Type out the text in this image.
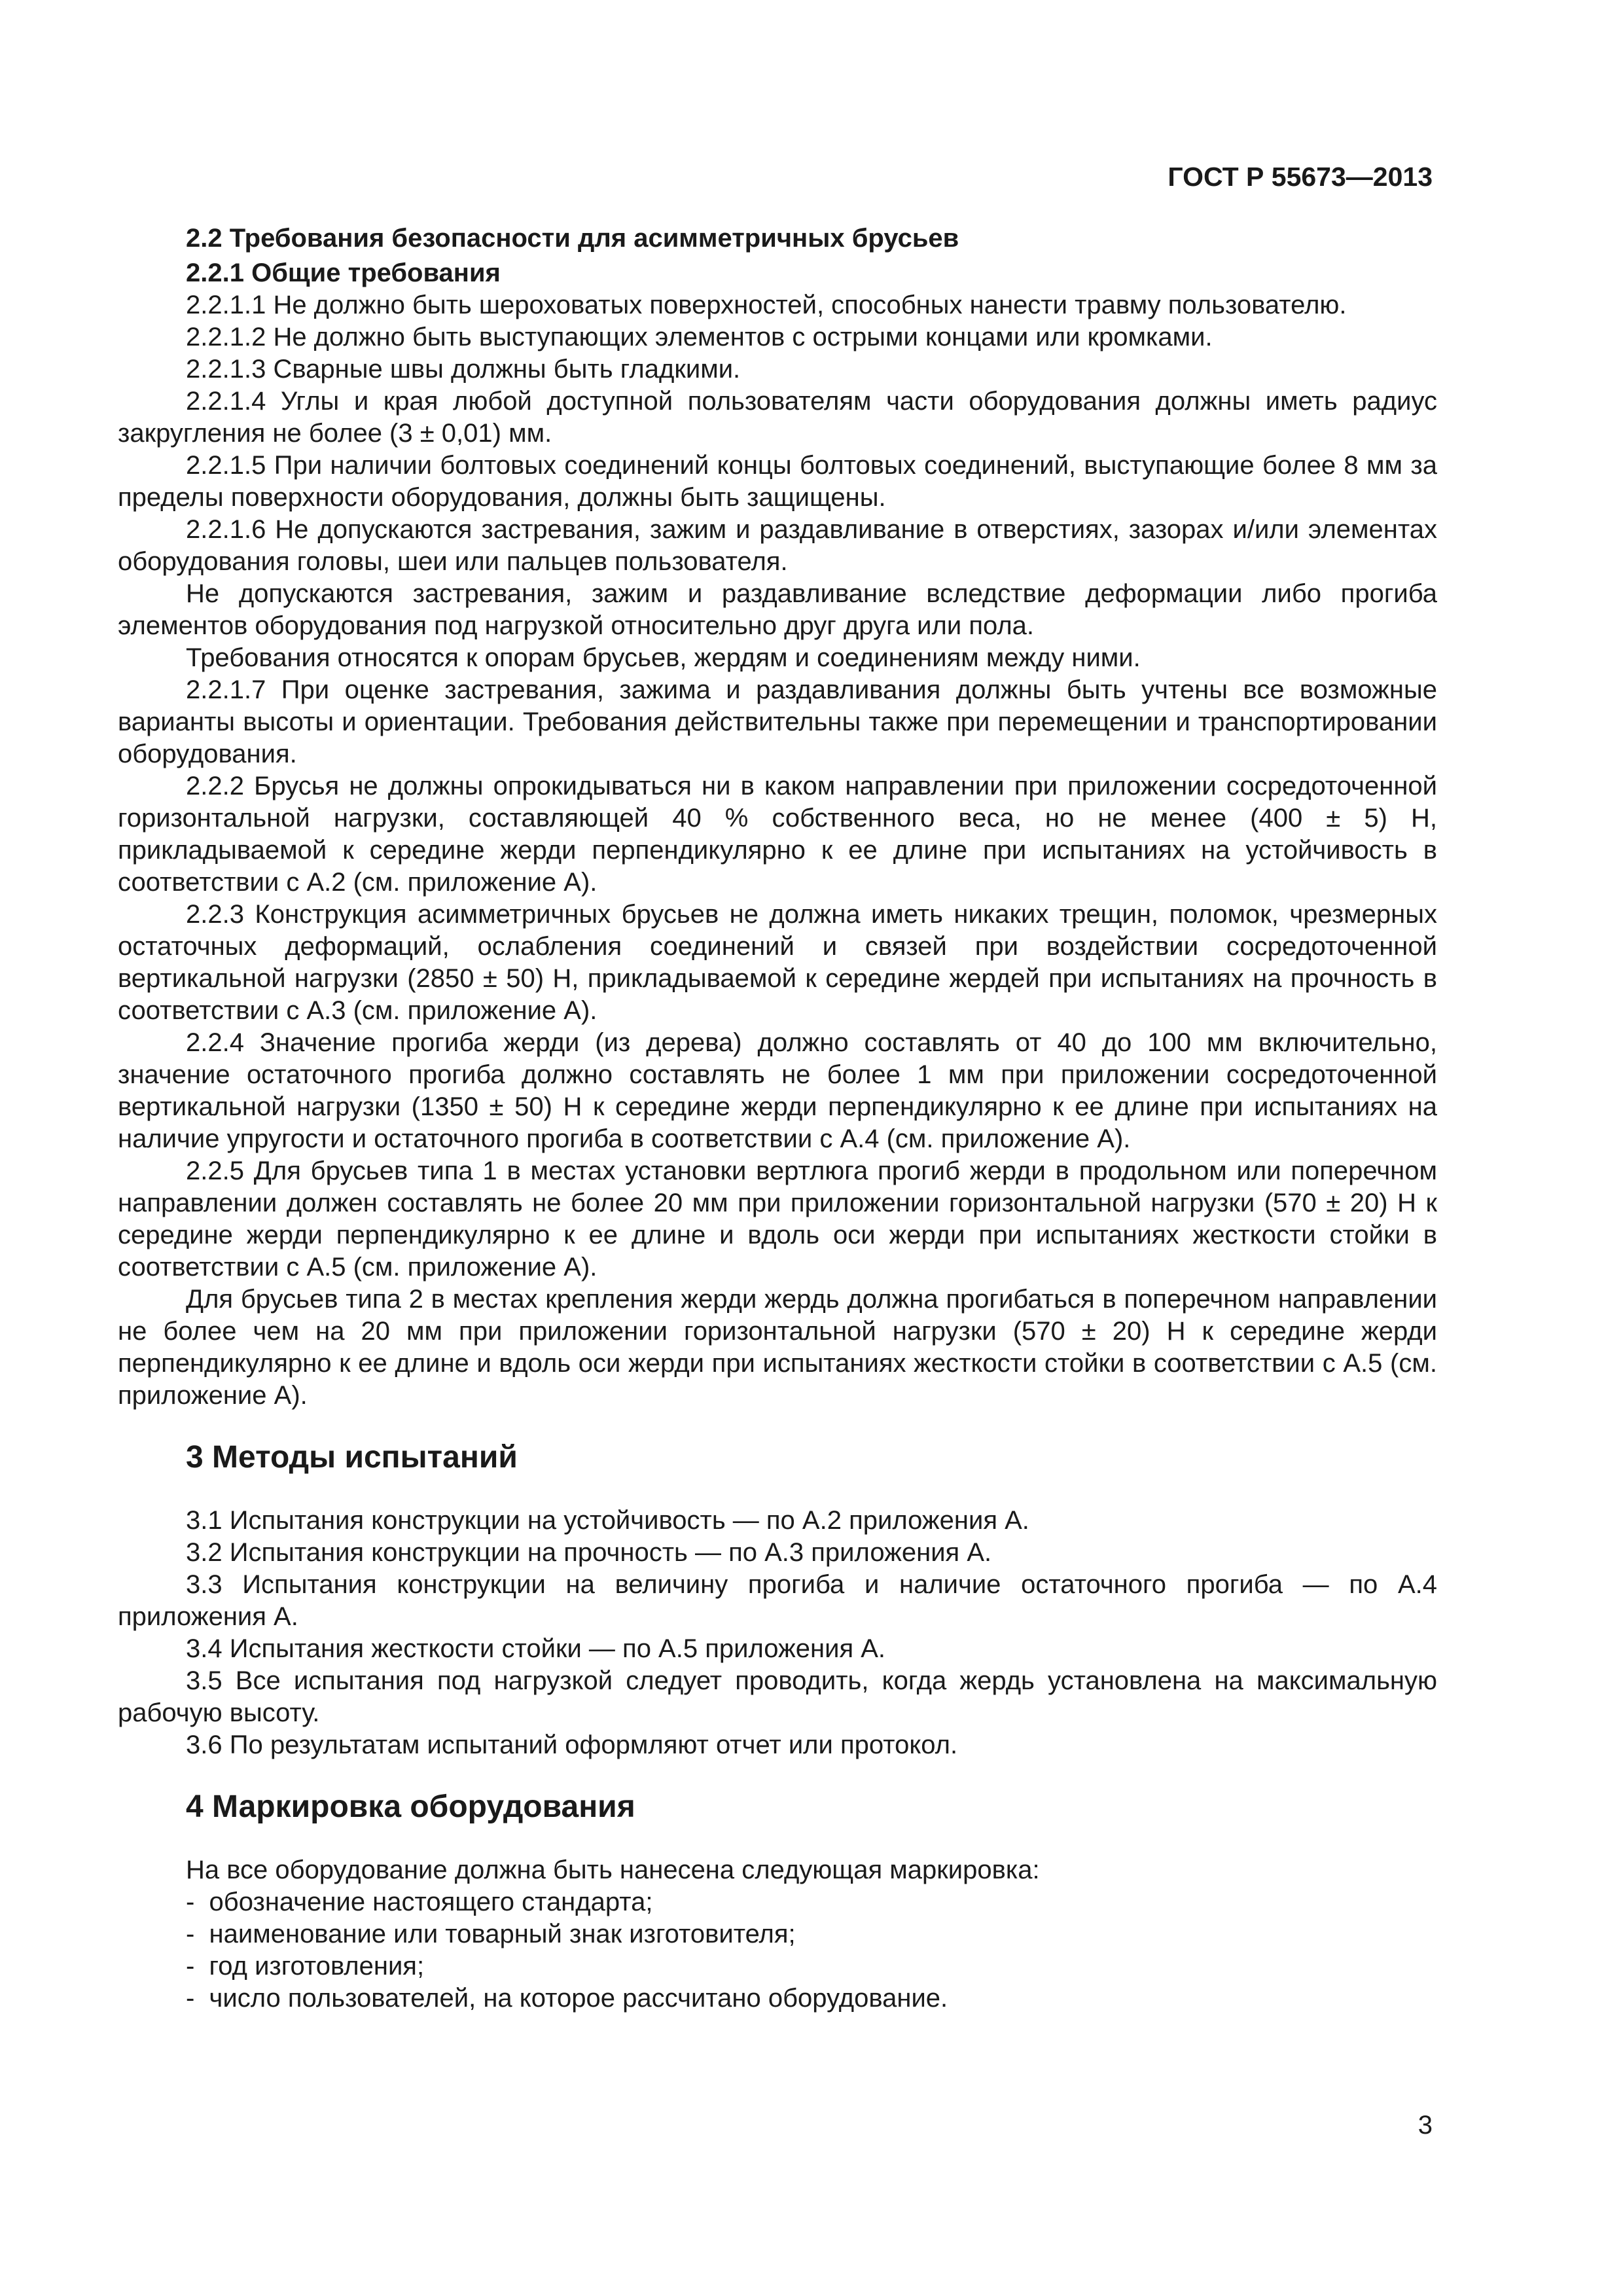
ГОСТ Р 55673—2013
2.2 Требования безопасности для асимметричных брусьев
2.2.1 Общие требования

2.2.1.1 Не должно быть шероховатых поверхностей, способных нанести травму пользователю.

2.2.1.2 Не должно быть выступающих элементов с острыми концами или кромками.

2.2.1.3 Сварные швы должны быть гладкими.

2.2.1.4 Углы и края любой доступной пользователям части оборудования должны иметь радиус закругления не более (3 ± 0,01) мм.

2.2.1.5 При наличии болтовых соединений концы болтовых соединений, выступающие более 8 мм за пределы поверхности оборудования, должны быть защищены.

2.2.1.6 Не допускаются застревания, зажим и раздавливание в отверстиях, зазорах и/или элементах оборудования головы, шеи или пальцев пользователя.

Не допускаются застревания, зажим и раздавливание вследствие деформации либо прогиба элементов оборудования под нагрузкой относительно друг друга или пола.

Требования относятся к опорам брусьев, жердям и соединениям между ними.

2.2.1.7 При оценке застревания, зажима и раздавливания должны быть учтены все возможные варианты высоты и ориентации. Требования действительны также при перемещении и транспортировании оборудования.

2.2.2 Брусья не должны опрокидываться ни в каком направлении при приложении сосредоточенной горизонтальной нагрузки, составляющей 40 % собственного веса, но не менее (400 ± 5) Н, прикладываемой к середине жерди перпендикулярно к ее длине при испытаниях на устойчивость в соответствии с А.2 (см. приложение А).

2.2.3 Конструкция асимметричных брусьев не должна иметь никаких трещин, поломок, чрезмерных остаточных деформаций, ослабления соединений и связей при воздействии сосредоточенной вертикальной нагрузки (2850 ± 50) Н, прикладываемой к середине жердей при испытаниях на прочность в соответствии с А.3 (см. приложение А).

2.2.4 Значение прогиба жерди (из дерева) должно составлять от 40 до 100 мм включительно, значение остаточного прогиба должно составлять не более 1 мм при приложении сосредоточенной вертикальной нагрузки (1350 ± 50) Н к середине жерди перпендикулярно к ее длине при испытаниях на наличие упругости и остаточного прогиба в соответствии с А.4 (см. приложение А).

2.2.5 Для брусьев типа 1 в местах установки вертлюга прогиб жерди в продольном или поперечном направлении должен составлять не более 20 мм при приложении горизонтальной нагрузки (570 ± 20) Н к середине жерди перпендикулярно к ее длине и вдоль оси жерди при испытаниях жесткости стойки в соответствии с А.5 (см. приложение А).

Для брусьев типа 2 в местах крепления жерди жердь должна прогибаться в поперечном направлении не более чем на 20 мм при приложении горизонтальной нагрузки (570 ± 20) Н к середине жерди перпендикулярно к ее длине и вдоль оси жерди при испытаниях жесткости стойки в соответствии с А.5 (см. приложение А).

3 Методы испытаний

3.1 Испытания конструкции на устойчивость — по А.2 приложения А.

3.2 Испытания конструкции на прочность — по А.3 приложения А.

3.3 Испытания конструкции на величину прогиба и наличие остаточного прогиба — по А.4 приложения А.

3.4 Испытания жесткости стойки — по А.5 приложения А.

3.5 Все испытания под нагрузкой следует проводить, когда жердь установлена на максимальную рабочую высоту.

3.6 По результатам испытаний оформляют отчет или протокол.

4 Маркировка оборудования

На все оборудование должна быть нанесена следующая маркировка:

-  обозначение настоящего стандарта;
-  наименование или товарный знак изготовителя;
-  год изготовления;
-  число пользователей, на которое рассчитано оборудование.
3
